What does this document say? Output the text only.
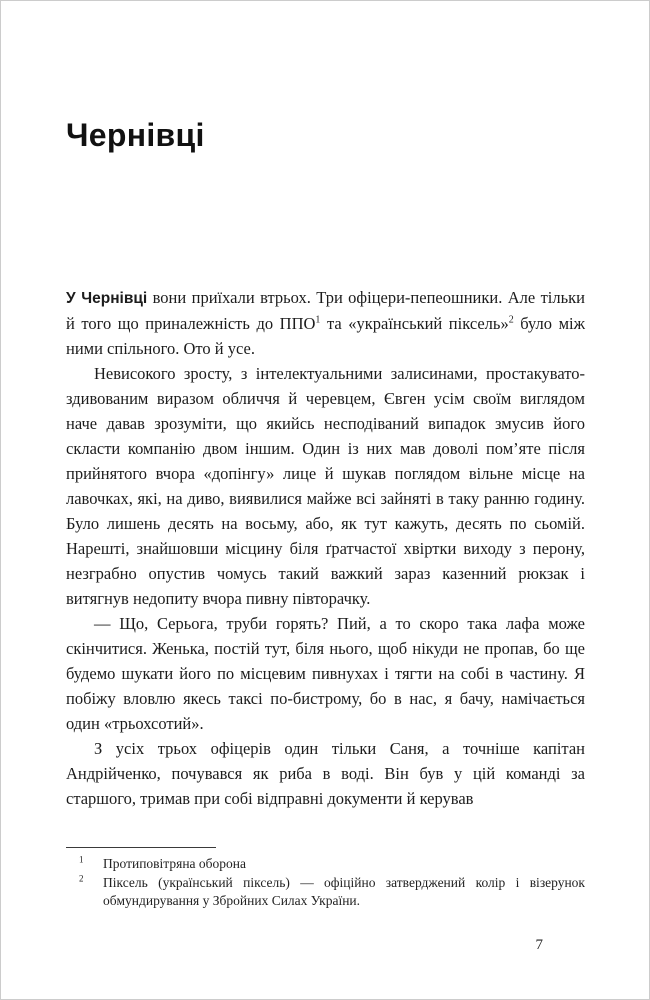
Чернівці

У Чернівці вони приїхали втрьох. Три офіцери-пепеошники. Але тільки й того що приналежність до ППО$^1$ та «український піксель»$^2$ було між ними спільного. Ото й усе.

Невисокого зросту, з інтелектуальними залисинами, простакувато-здивованим виразом обличчя й черевцем, Євген усім своїм виглядом наче давав зрозуміти, що якийсь несподіваний випадок змусив його скласти компанію двом іншим. Один із них мав доволі пом’яте після прийнятого вчора «допінгу» лице й шукав поглядом вільне місце на лавочках, які, на диво, виявилися майже всі зайняті в таку ранню годину. Було лишень десять на восьму, або, як тут кажуть, десять по сьомій. Нарешті, знайшовши місцину біля ґратчастої хвіртки виходу з перону, незграбно опустив чомусь такий важкий зараз казенний рюкзак і витягнув недопиту вчора пивну півторачку.

— Що, Серьога, труби горять? Пий, а то скоро така лафа може скінчитися. Женька, постій тут, біля нього, щоб нікуди не пропав, бо ще будемо шукати його по місцевим пивнухах і тягти на собі в частину. Я побіжу вловлю якесь таксі по-бистрому, бо в нас, я бачу, намічається один «трьохсотий».

З усіх трьох офіцерів один тільки Саня, а точніше капітан Андрійченко, почувався як риба в воді. Він був у цій команді за старшого, тримав при собі відправні документи й керував

$^1$	Протиповітряна оборона
$^2$	Піксель (український піксель) — офіційно затверджений колір і візерунок обмундирування у Збройних Силах України.
7
